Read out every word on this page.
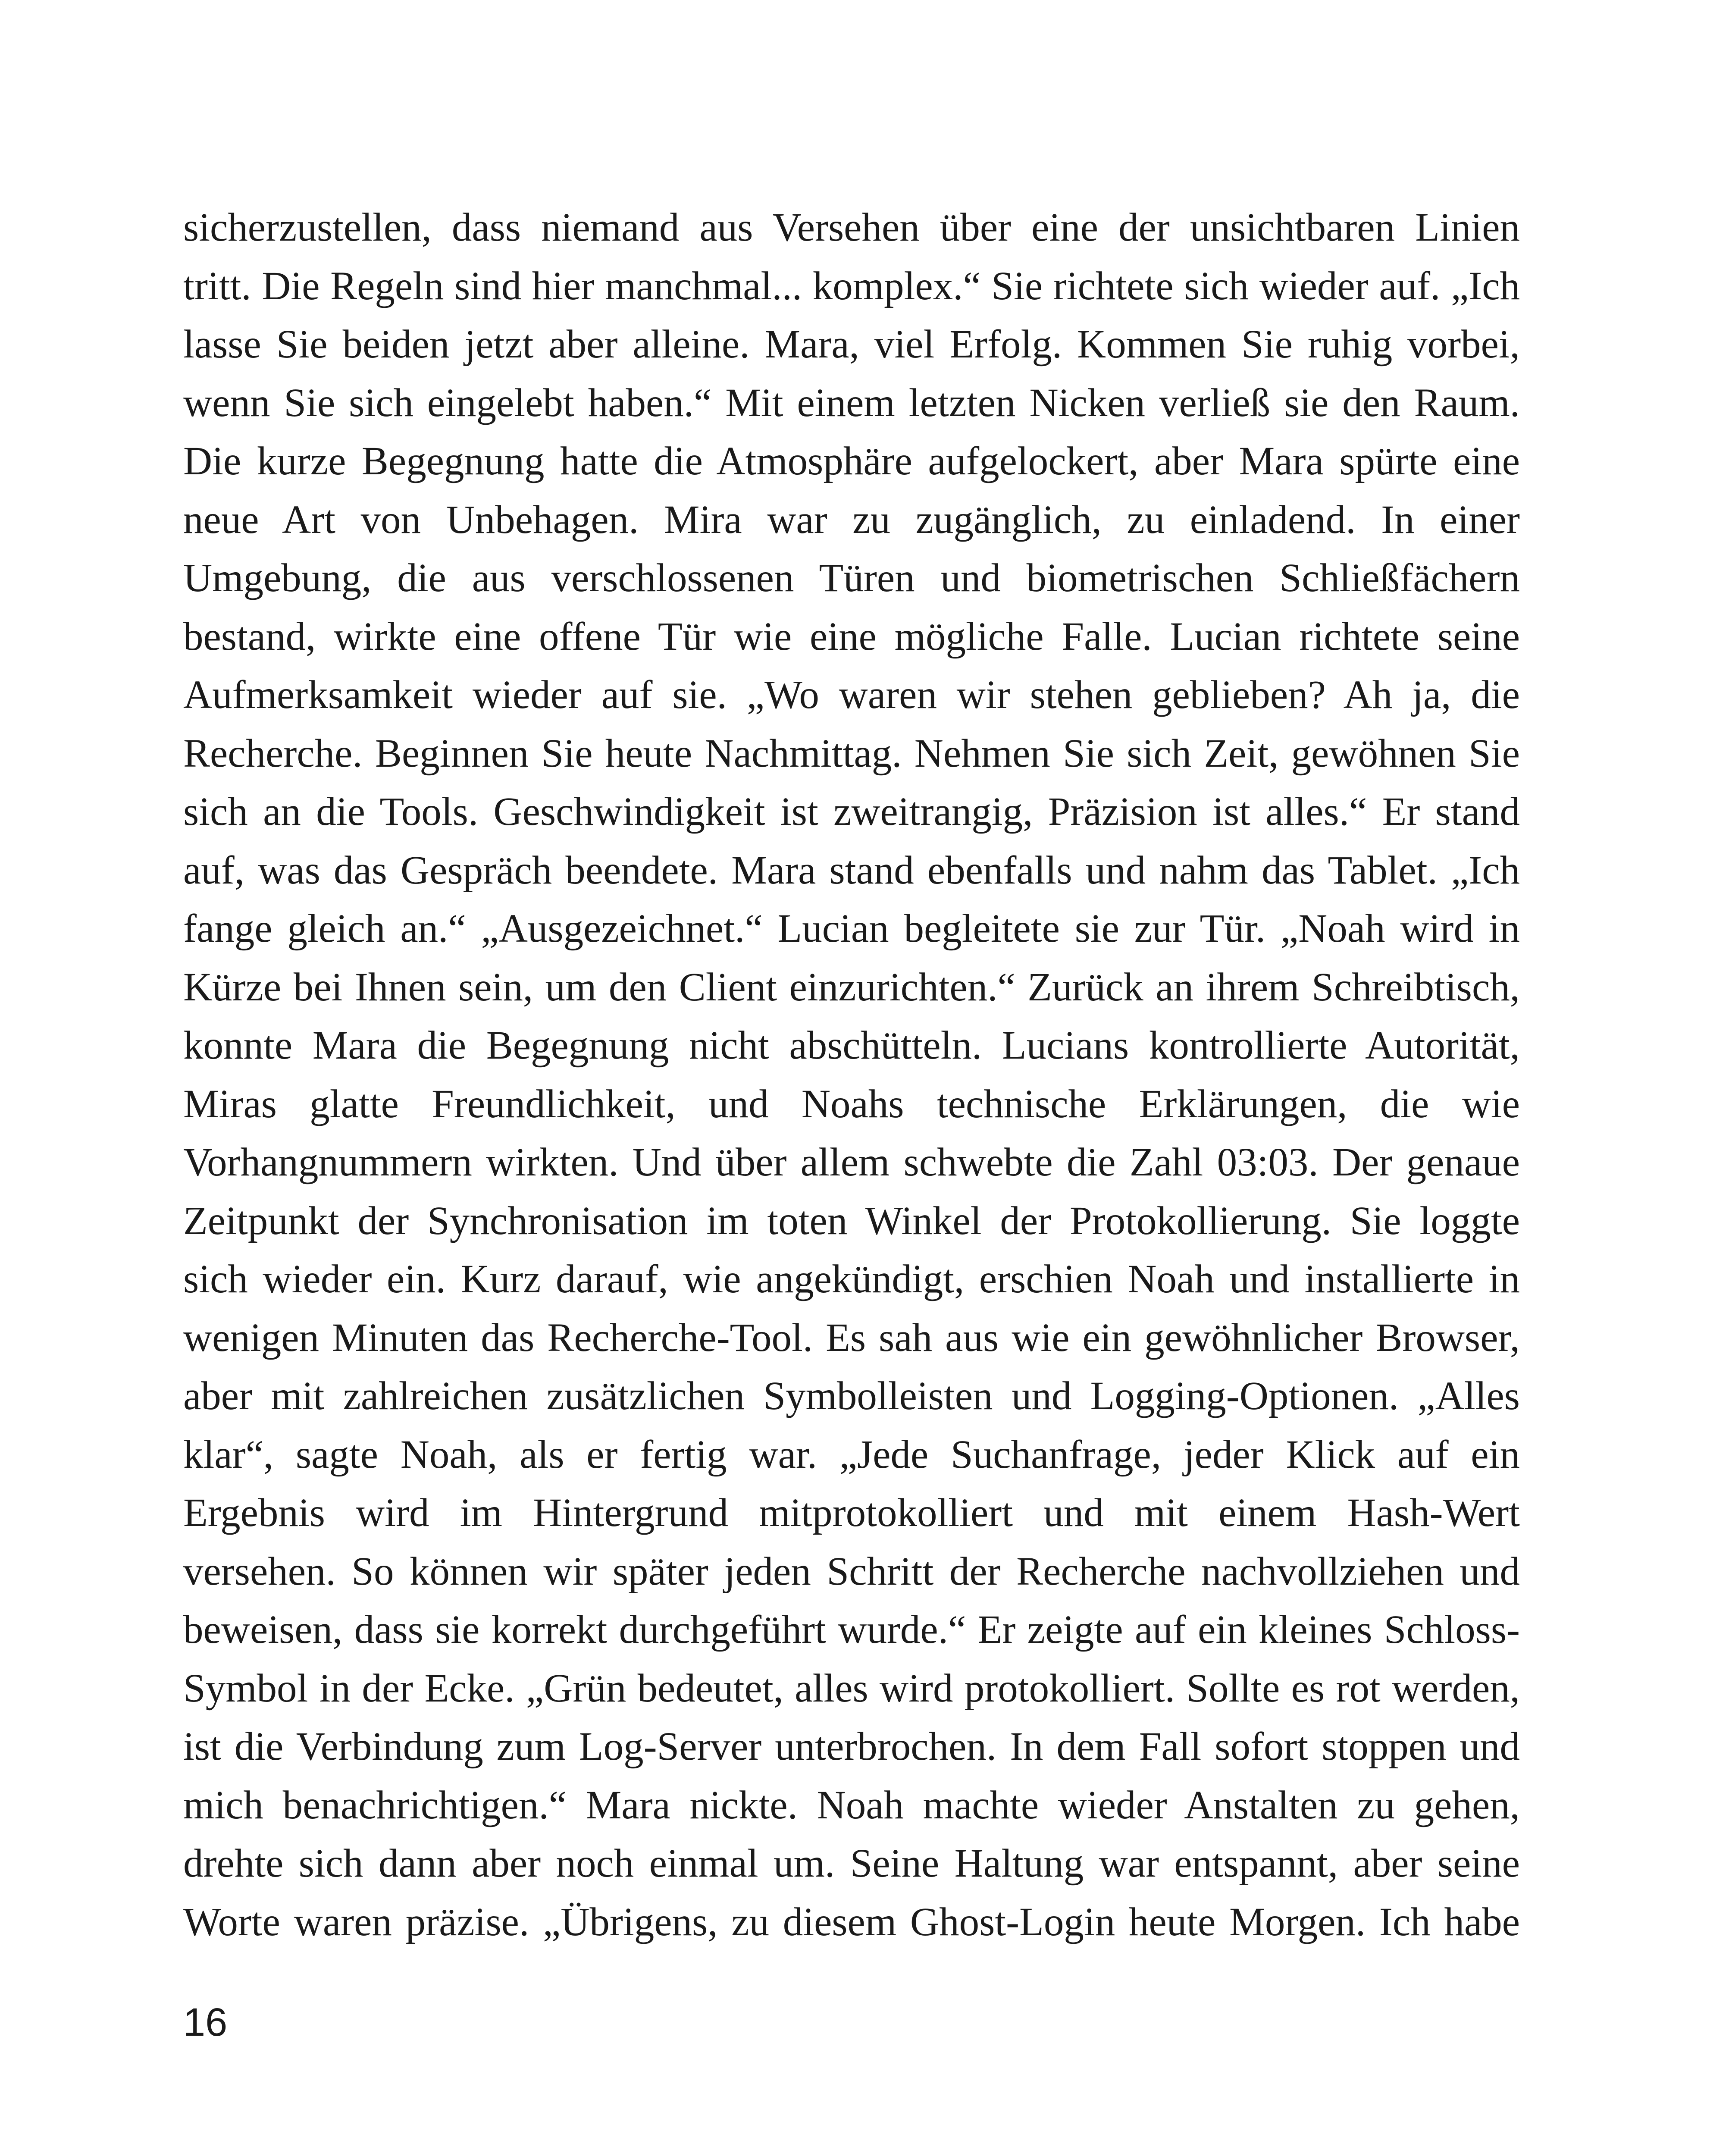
sicherzustellen, dass niemand aus Versehen über eine der unsichtbaren Linien
tritt. Die Regeln sind hier manchmal... komplex.“ Sie richtete sich wieder auf. „Ich
lasse Sie beiden jetzt aber alleine. Mara, viel Erfolg. Kommen Sie ruhig vorbei,
wenn Sie sich eingelebt haben.“ Mit einem letzten Nicken verließ sie den Raum.
Die kurze Begegnung hatte die Atmosphäre aufgelockert, aber Mara spürte eine
neue Art von Unbehagen. Mira war zu zugänglich, zu einladend. In einer
Umgebung, die aus verschlossenen Türen und biometrischen Schließfächern
bestand, wirkte eine offene Tür wie eine mögliche Falle. Lucian richtete seine
Aufmerksamkeit wieder auf sie. „Wo waren wir stehen geblieben? Ah ja, die
Recherche. Beginnen Sie heute Nachmittag. Nehmen Sie sich Zeit, gewöhnen Sie
sich an die Tools. Geschwindigkeit ist zweitrangig, Präzision ist alles.“ Er stand
auf, was das Gespräch beendete. Mara stand ebenfalls und nahm das Tablet. „Ich
fange gleich an.“ „Ausgezeichnet.“ Lucian begleitete sie zur Tür. „Noah wird in
Kürze bei Ihnen sein, um den Client einzurichten.“ Zurück an ihrem Schreibtisch,
konnte Mara die Begegnung nicht abschütteln. Lucians kontrollierte Autorität,
Miras glatte Freundlichkeit, und Noahs technische Erklärungen, die wie
Vorhangnummern wirkten. Und über allem schwebte die Zahl 03:03. Der genaue
Zeitpunkt der Synchronisation im toten Winkel der Protokollierung. Sie loggte
sich wieder ein. Kurz darauf, wie angekündigt, erschien Noah und installierte in
wenigen Minuten das Recherche-Tool. Es sah aus wie ein gewöhnlicher Browser,
aber mit zahlreichen zusätzlichen Symbolleisten und Logging-Optionen. „Alles
klar“, sagte Noah, als er fertig war. „Jede Suchanfrage, jeder Klick auf ein
Ergebnis wird im Hintergrund mitprotokolliert und mit einem Hash-Wert
versehen. So können wir später jeden Schritt der Recherche nachvollziehen und
beweisen, dass sie korrekt durchgeführt wurde.“ Er zeigte auf ein kleines Schloss-
Symbol in der Ecke. „Grün bedeutet, alles wird protokolliert. Sollte es rot werden,
ist die Verbindung zum Log-Server unterbrochen. In dem Fall sofort stoppen und
mich benachrichtigen.“ Mara nickte. Noah machte wieder Anstalten zu gehen,
drehte sich dann aber noch einmal um. Seine Haltung war entspannt, aber seine
Worte waren präzise. „Übrigens, zu diesem Ghost-Login heute Morgen. Ich habe
16
